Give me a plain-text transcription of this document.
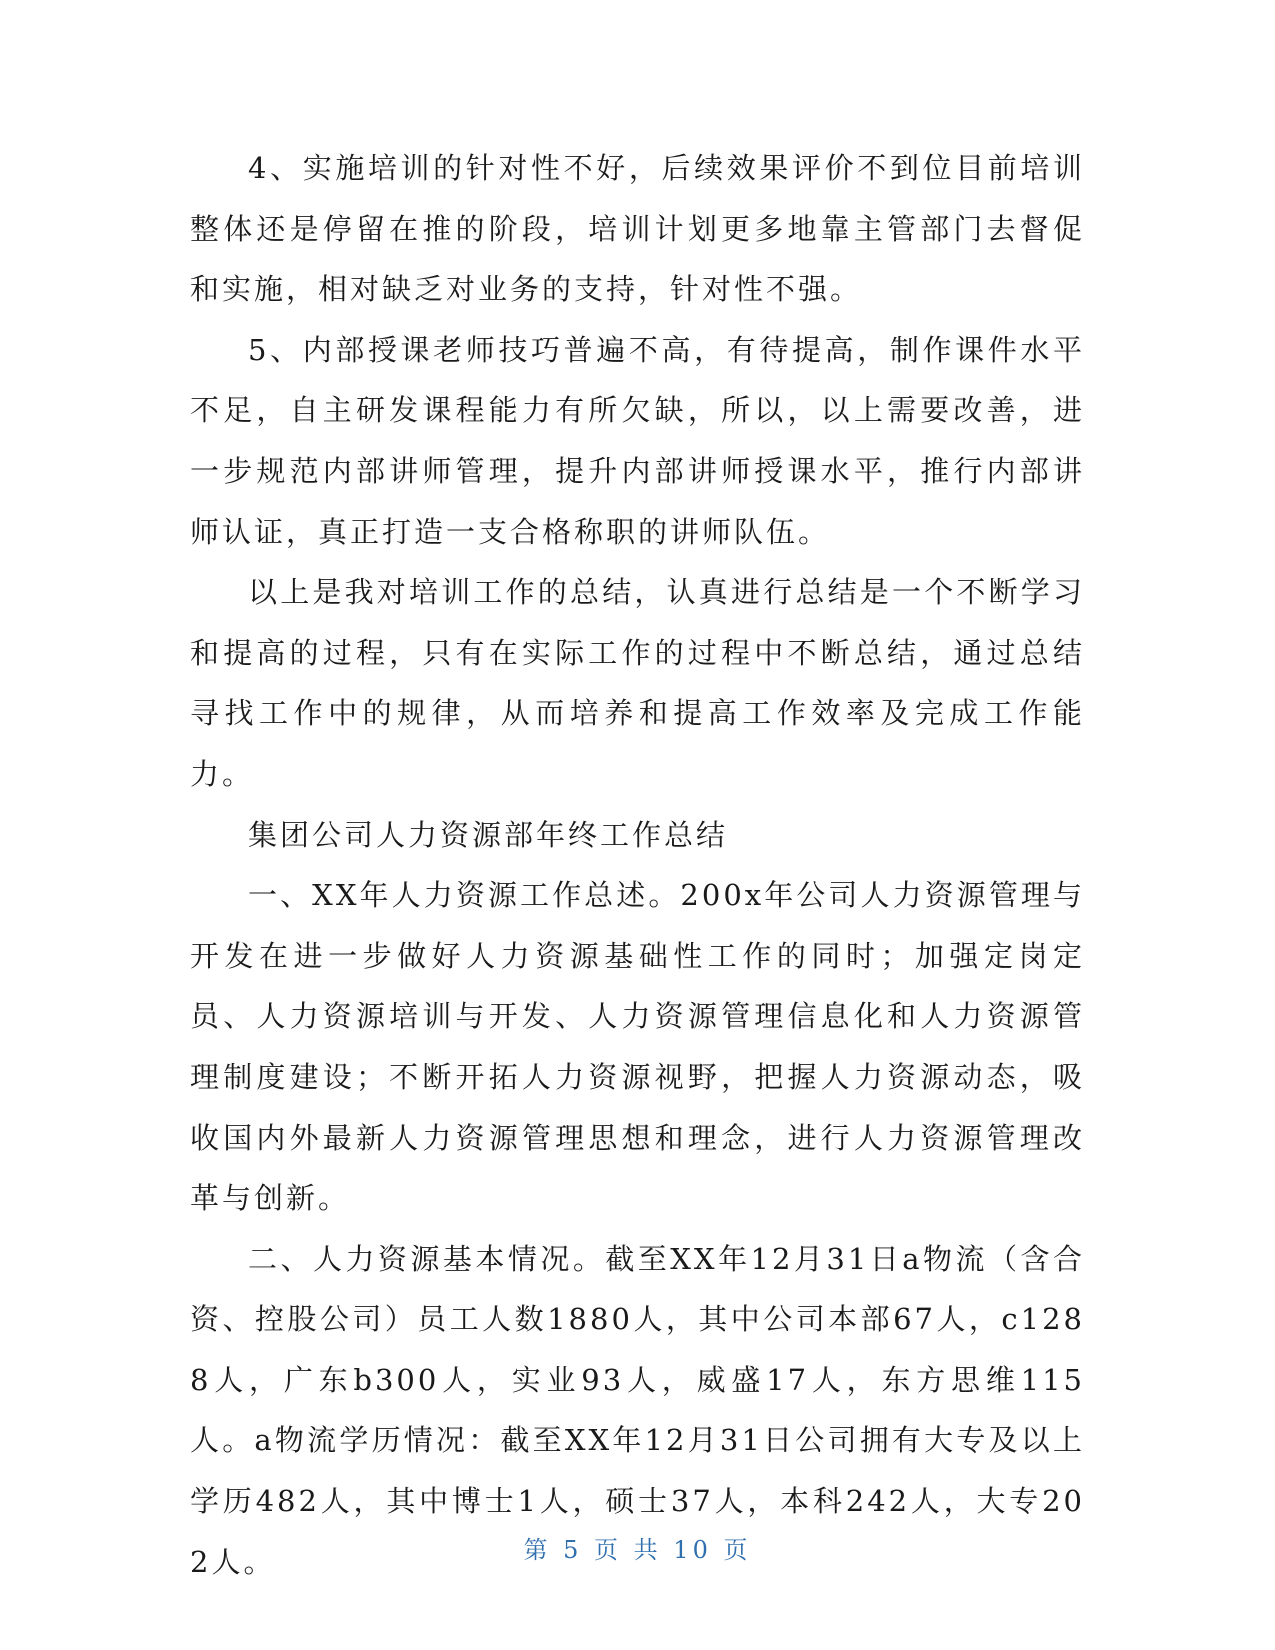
4、实施培训的针对性不好，后续效果评价不到位目前培训整体还是停留在推的阶段，培训计划更多地靠主管部门去督促和实施，相对缺乏对业务的支持，针对性不强。

5、内部授课老师技巧普遍不高，有待提高，制作课件水平不足，自主研发课程能力有所欠缺，所以，以上需要改善，进一步规范内部讲师管理，提升内部讲师授课水平，推行内部讲师认证，真正打造一支合格称职的讲师队伍。

以上是我对培训工作的总结，认真进行总结是一个不断学习和提高的过程，只有在实际工作的过程中不断总结，通过总结寻找工作中的规律，从而培养和提高工作效率及完成工作能力。

集团公司人力资源部年终工作总结

一、XX年人力资源工作总述。200x年公司人力资源管理与开发在进一步做好人力资源基础性工作的同时；加强定岗定员、人力资源培训与开发、人力资源管理信息化和人力资源管理制度建设；不断开拓人力资源视野，把握人力资源动态，吸收国内外最新人力资源管理思想和理念，进行人力资源管理改革与创新。

二、人力资源基本情况。截至XX年12月31日a物流（含合资、控股公司）员工人数1880人，其中公司本部67人，c1288人，广东b300人，实业93人，威盛17人，东方思维115人。a物流学历情况：截至XX年12月31日公司拥有大专及以上学历482人，其中博士1人，硕士37人，本科242人，大专202人。	第 5 页 共 10 页
